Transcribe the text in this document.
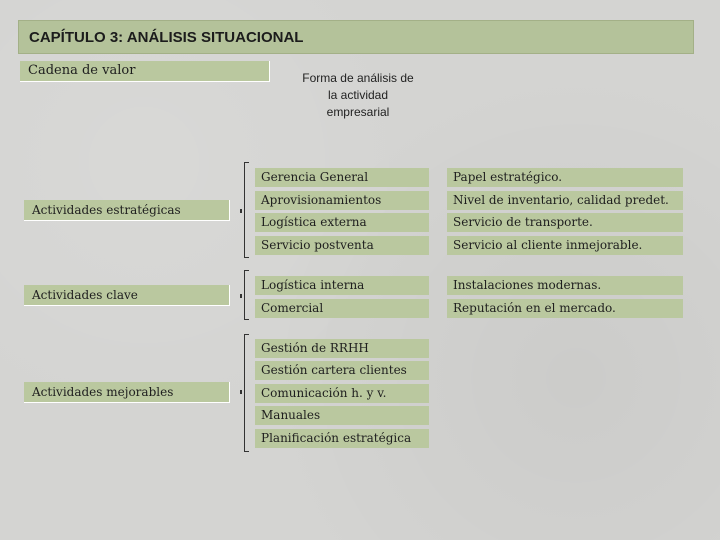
CAPÍTULO 3: ANÁLISIS SITUACIONAL
Cadena de valor	Forma de análisis de la actividad empresarial
Actividades estratégicas
Actividades clave
Actividades mejorables
Gerencia General
Aprovisionamientos
Logística externa
Servicio postventa
Papel estratégico.
Nivel de inventario, calidad predet.
Servicio de transporte.
Servicio al cliente inmejorable.
Logística interna
Comercial
Instalaciones modernas.
Reputación en el mercado.
Gestión de RRHH
Gestión cartera clientes
Comunicación h. y v.
Manuales
Planificación estratégica
